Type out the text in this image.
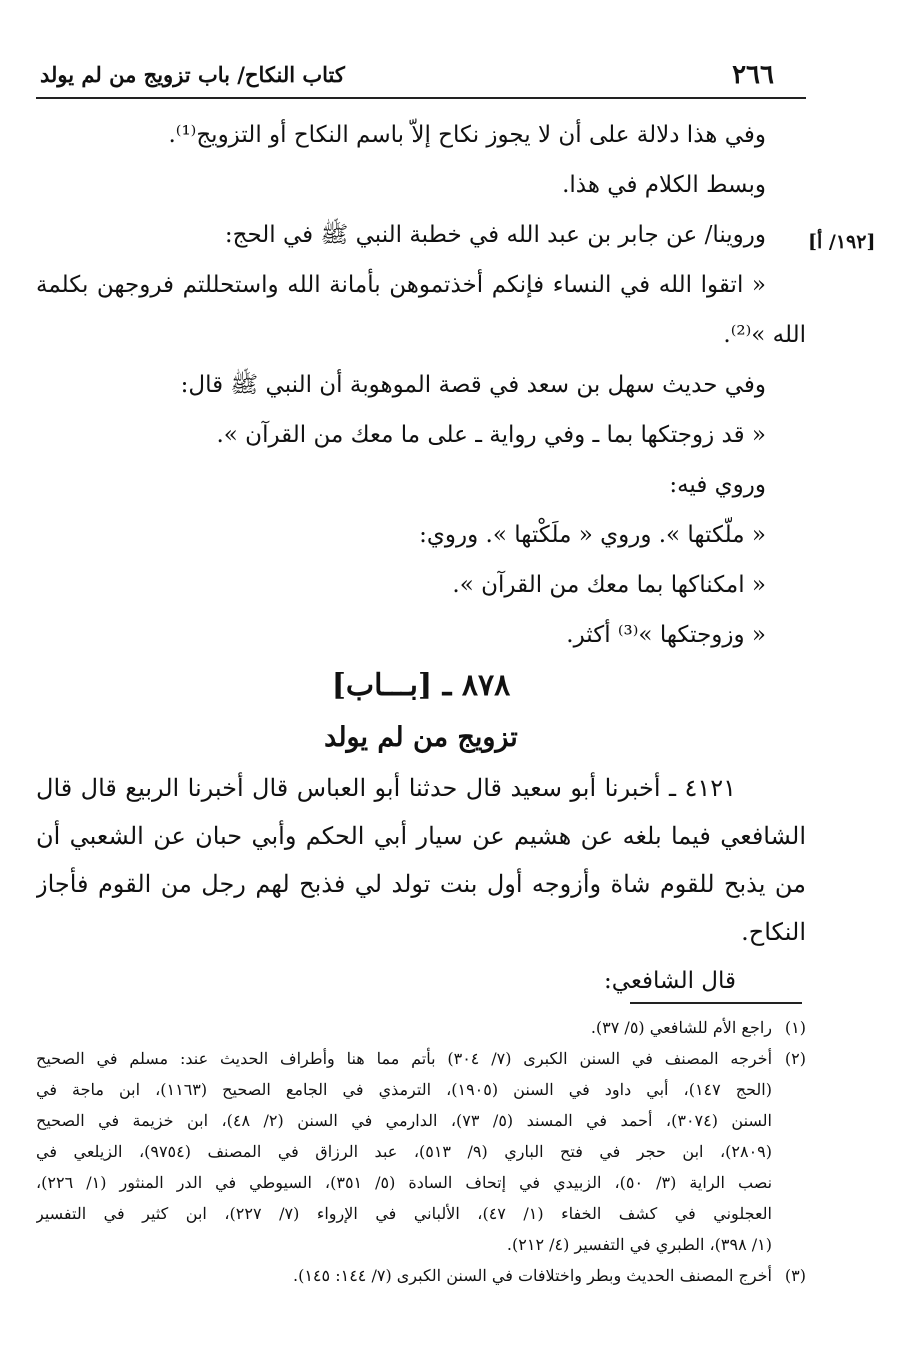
٢٦٦
كتاب النكاح/ باب تزويج من لم يولد
[١٩٢/ أ]
وفي هذا دلالة على أن لا يجوز نكاح إلاّ باسم النكاح أو التزويج⁽¹⁾.
وبسط الكلام في هذا.
وروينا/ عن جابر بن عبد الله في خطبة النبي ﷺ في الحج:
« اتقوا الله في النساء فإنكم أخذتموهن بأمانة الله واستحللتم فروجهن بكلمة
الله »⁽²⁾.
وفي حديث سهل بن سعد في قصة الموهوبة أن النبي ﷺ قال:
« قد زوجتكها بما ـ وفي رواية ـ على ما معك من القرآن ».
وروي فيه:
« ملّكتها ». وروي « ملَكْتها ». وروي:
« امكناكها بما معك من القرآن ».
« وزوجتكها »⁽³⁾ أكثر.
٨٧٨ ـ [بـــاب]
تزويج من لم يولد
٤١٢١ ـ أخبرنا أبو سعيد قال حدثنا أبو العباس قال أخبرنا الربيع قال قال
الشافعي فيما بلغه عن هشيم عن سيار أبي الحكم وأبي حبان عن الشعبي أن
من يذبح للقوم شاة وأزوجه أول بنت تولد لي فذبح لهم رجل من القوم فأجاز
النكاح.
قال الشافعي:
(١)
راجع الأم للشافعي (٥/ ٣٧).
(٢)
أخرجه المصنف في السنن الكبرى (٧/ ٣٠٤) بأتم مما هنا وأطراف الحديث عند: مسلم في الصحيح
(الحج ١٤٧)، أبي داود في السنن (١٩٠٥)، الترمذي في الجامع الصحيح (١١٦٣)، ابن ماجة في
السنن (٣٠٧٤)، أحمد في المسند (٥/ ٧٣)، الدارمي في السنن (٢/ ٤٨)، ابن خزيمة في الصحيح
(٢٨٠٩)، ابن حجر في فتح الباري (٩/ ٥١٣)، عبد الرزاق في المصنف (٩٧٥٤)، الزيلعي في
نصب الراية (٣/ ٥٠)، الزبيدي في إتحاف السادة (٥/ ٣٥١)، السيوطي في الدر المنثور (١/ ٢٢٦)،
العجلوني في كشف الخفاء (١/ ٤٧)، الألباني في الإرواء (٧/ ٢٢٧)، ابن كثير في التفسير
(١/ ٣٩٨)، الطبري في التفسير (٤/ ٢١٢).
(٣)
أخرج المصنف الحديث وبطر واختلافات في السنن الكبرى (٧/ ١٤٤: ١٤٥).
